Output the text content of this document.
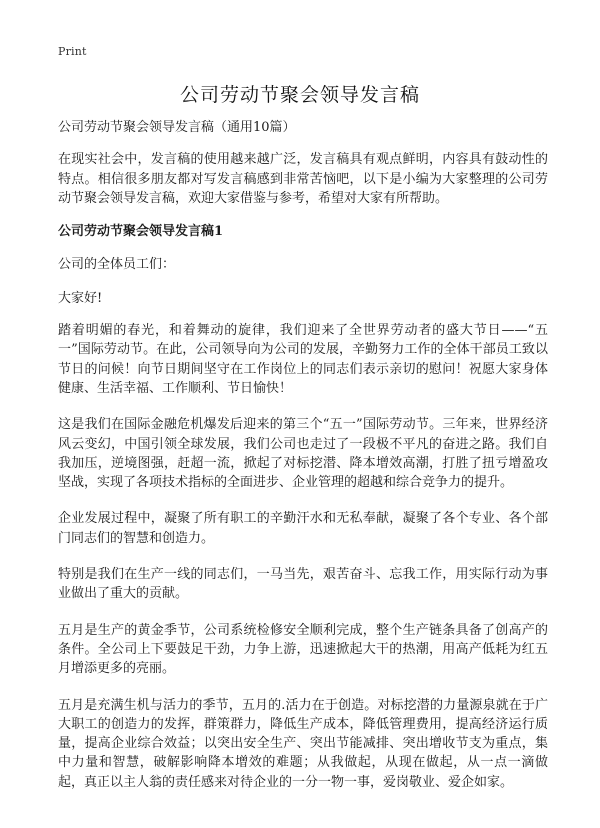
Print
公司劳动节聚会领导发言稿

公司劳动节聚会领导发言稿（通用10篇）

在现实社会中，发言稿的使用越来越广泛，发言稿具有观点鲜明，内容具有鼓动性的特点。相信很多朋友都对写发言稿感到非常苦恼吧，以下是小编为大家整理的公司劳动节聚会领导发言稿，欢迎大家借鉴与参考，希望对大家有所帮助。

公司劳动节聚会领导发言稿1

公司的全体员工们：

大家好!

踏着明媚的春光，和着舞动的旋律，我们迎来了全世界劳动者的盛大节日——“五一”国际劳动节。在此，公司领导向为公司的发展，辛勤努力工作的全体干部员工致以节日的问候！向节日期间坚守在工作岗位上的同志们表示亲切的慰问！祝愿大家身体健康、生活幸福、工作顺利、节日愉快！

这是我们在国际金融危机爆发后迎来的第三个“五一”国际劳动节。三年来，世界经济风云变幻，中国引领全球发展，我们公司也走过了一段极不平凡的奋进之路。我们自我加压，逆境图强，赶超一流，掀起了对标挖潜、降本增效高潮，打胜了扭亏增盈攻坚战，实现了各项技术指标的全面进步、企业管理的超越和综合竞争力的提升。

企业发展过程中，凝聚了所有职工的辛勤汗水和无私奉献，凝聚了各个专业、各个部门同志们的智慧和创造力。

特别是我们在生产一线的同志们，一马当先，艰苦奋斗、忘我工作，用实际行动为事业做出了重大的贡献。

五月是生产的黄金季节，公司系统检修安全顺利完成，整个生产链条具备了创高产的条件。全公司上下要鼓足干劲，力争上游，迅速掀起大干的热潮，用高产低耗为红五月增添更多的亮丽。

五月是充满生机与活力的季节，五月的.活力在于创造。对标挖潜的力量源泉就在于广大职工的创造力的发挥，群策群力，降低生产成本，降低管理费用，提高经济运行质量，提高企业综合效益；以突出安全生产、突出节能减排、突出增收节支为重点，集中力量和智慧，破解影响降本增效的难题；从我做起，从现在做起，从一点一滴做起，真正以主人翁的责任感来对待企业的一分一物一事，爱岗敬业、爱企如家。
